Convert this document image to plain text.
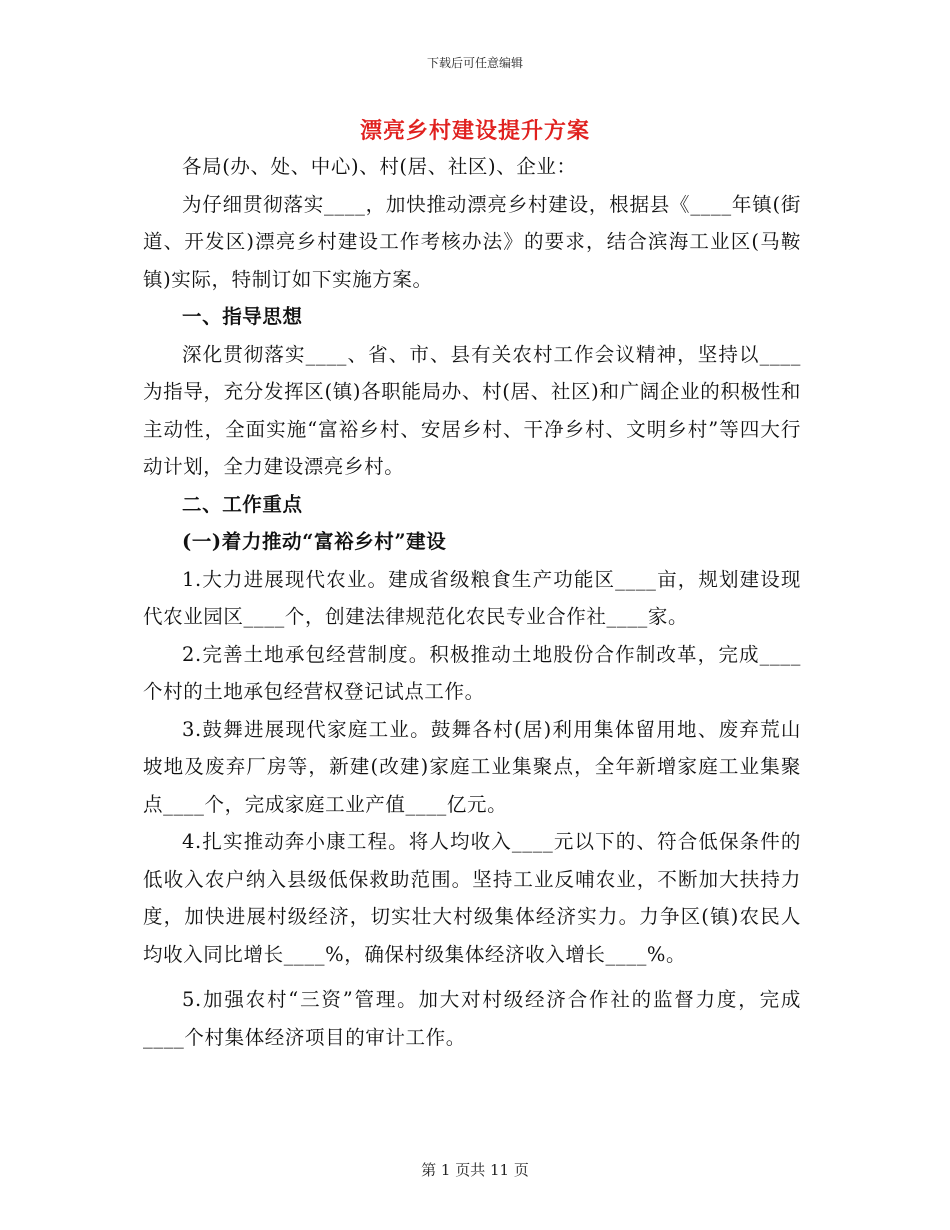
下载后可任意编辑
漂亮乡村建设提升方案

各局(办、处、中心)、村(居、社区)、企业：

为仔细贯彻落实____，加快推动漂亮乡村建设，根据县《____年镇(街道、开发区)漂亮乡村建设工作考核办法》的要求，结合滨海工业区(马鞍镇)实际，特制订如下实施方案。

一、指导思想

深化贯彻落实____、省、市、县有关农村工作会议精神，坚持以____为指导，充分发挥区(镇)各职能局办、村(居、社区)和广阔企业的积极性和主动性，全面实施“富裕乡村、安居乡村、干净乡村、文明乡村”等四大行动计划，全力建设漂亮乡村。

二、工作重点

(一)着力推动“富裕乡村”建设

1.大力进展现代农业。建成省级粮食生产功能区____亩，规划建设现代农业园区____个，创建法律规范化农民专业合作社____家。

2.完善土地承包经营制度。积极推动土地股份合作制改革，完成____个村的土地承包经营权登记试点工作。

3.鼓舞进展现代家庭工业。鼓舞各村(居)利用集体留用地、废弃荒山坡地及废弃厂房等，新建(改建)家庭工业集聚点，全年新增家庭工业集聚点____个，完成家庭工业产值____亿元。

4.扎实推动奔小康工程。将人均收入____元以下的、符合低保条件的低收入农户纳入县级低保救助范围。坚持工业反哺农业，不断加大扶持力度，加快进展村级经济，切实壮大村级集体经济实力。力争区(镇)农民人均收入同比增长____%，确保村级集体经济收入增长____%。

5.加强农村“三资”管理。加大对村级经济合作社的监督力度，完成____个村集体经济项目的审计工作。

第 1 页共 11 页
